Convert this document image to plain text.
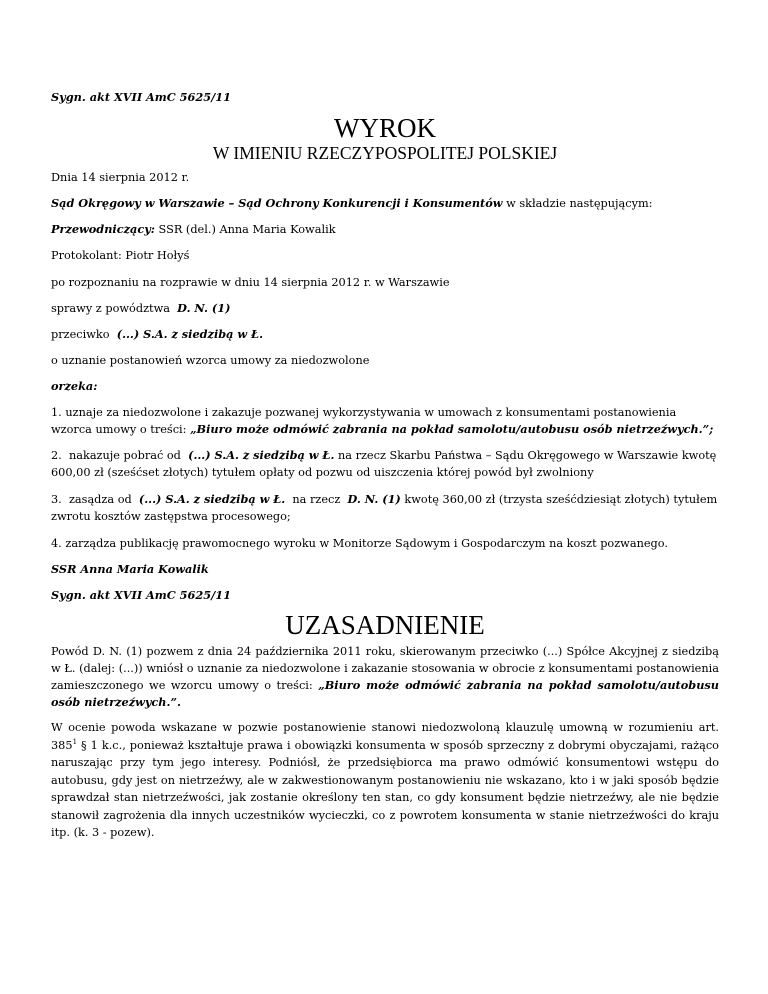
Sygn. akt XVII AmC 5625/11

WYROK
W IMIENIU RZECZYPOSPOLITEJ POLSKIEJ

Dnia 14 sierpnia 2012 r.

Sąd Okręgowy w Warszawie – Sąd Ochrony Konkurencji i Konsumentów w składzie następującym:

Przewodniczący: SSR (del.) Anna Maria Kowalik

Protokolant: Piotr Hołyś

po rozpoznaniu na rozprawie w dniu 14 sierpnia 2012 r. w Warszawie

sprawy z powództwa  D. N. (1)

przeciwko  (...) S.A. z siedzibą w Ł.

o uznanie postanowień wzorca umowy za niedozwolone

orzeka:

1. uznaje za niedozwolone i zakazuje pozwanej wykorzystywania w umowach z konsumentami postanowienia wzorca umowy o treści: „Biuro może odmówić zabrania na pokład samolotu/autobusu osób nietrzeźwych.”;

2.  nakazuje pobrać od  (...) S.A. z siedzibą w Ł. na rzecz Skarbu Państwa – Sądu Okręgowego w Warszawie kwotę 600,00 zł (sześćset złotych) tytułem opłaty od pozwu od uiszczenia której powód był zwolniony

3.  zasądza od  (...) S.A. z siedzibą w Ł.  na rzecz  D. N. (1) kwotę 360,00 zł (trzysta sześćdziesiąt złotych) tytułem zwrotu kosztów zastępstwa procesowego;

4. zarządza publikację prawomocnego wyroku w Monitorze Sądowym i Gospodarczym na koszt pozwanego.

SSR Anna Maria Kowalik

Sygn. akt XVII AmC 5625/11

UZASADNIENIE

Powód D. N. (1) pozwem z dnia 24 października 2011 roku, skierowanym przeciwko (...) Spółce Akcyjnej z siedzibą w Ł. (dalej: (...)) wniósł o uznanie za niedozwolone i zakazanie stosowania w obrocie z konsumentami postanowienia zamieszczonego we wzorcu umowy o treści: „Biuro może odmówić zabrania na pokład samolotu/autobusu osób nietrzeźwych.”.

W ocenie powoda wskazane w pozwie postanowienie stanowi niedozwoloną klauzulę umowną w rozumieniu art. $385^1$ § 1 k.c., ponieważ kształtuje prawa i obowiązki konsumenta w sposób sprzeczny z dobrymi obyczajami, rażąco naruszając przy tym jego interesy. Podniósł, że przedsiębiorca ma prawo odmówić konsumentowi wstępu do autobusu, gdy jest on nietrzeźwy, ale w zakwestionowanym postanowieniu nie wskazano, kto i w jaki sposób będzie sprawdzał stan nietrzeźwości, jak zostanie określony ten stan, co gdy konsument będzie nietrzeźwy, ale nie będzie stanowił zagrożenia dla innych uczestników wycieczki, co z powrotem konsumenta w stanie nietrzeźwości do kraju itp. (k. 3 - pozew).
